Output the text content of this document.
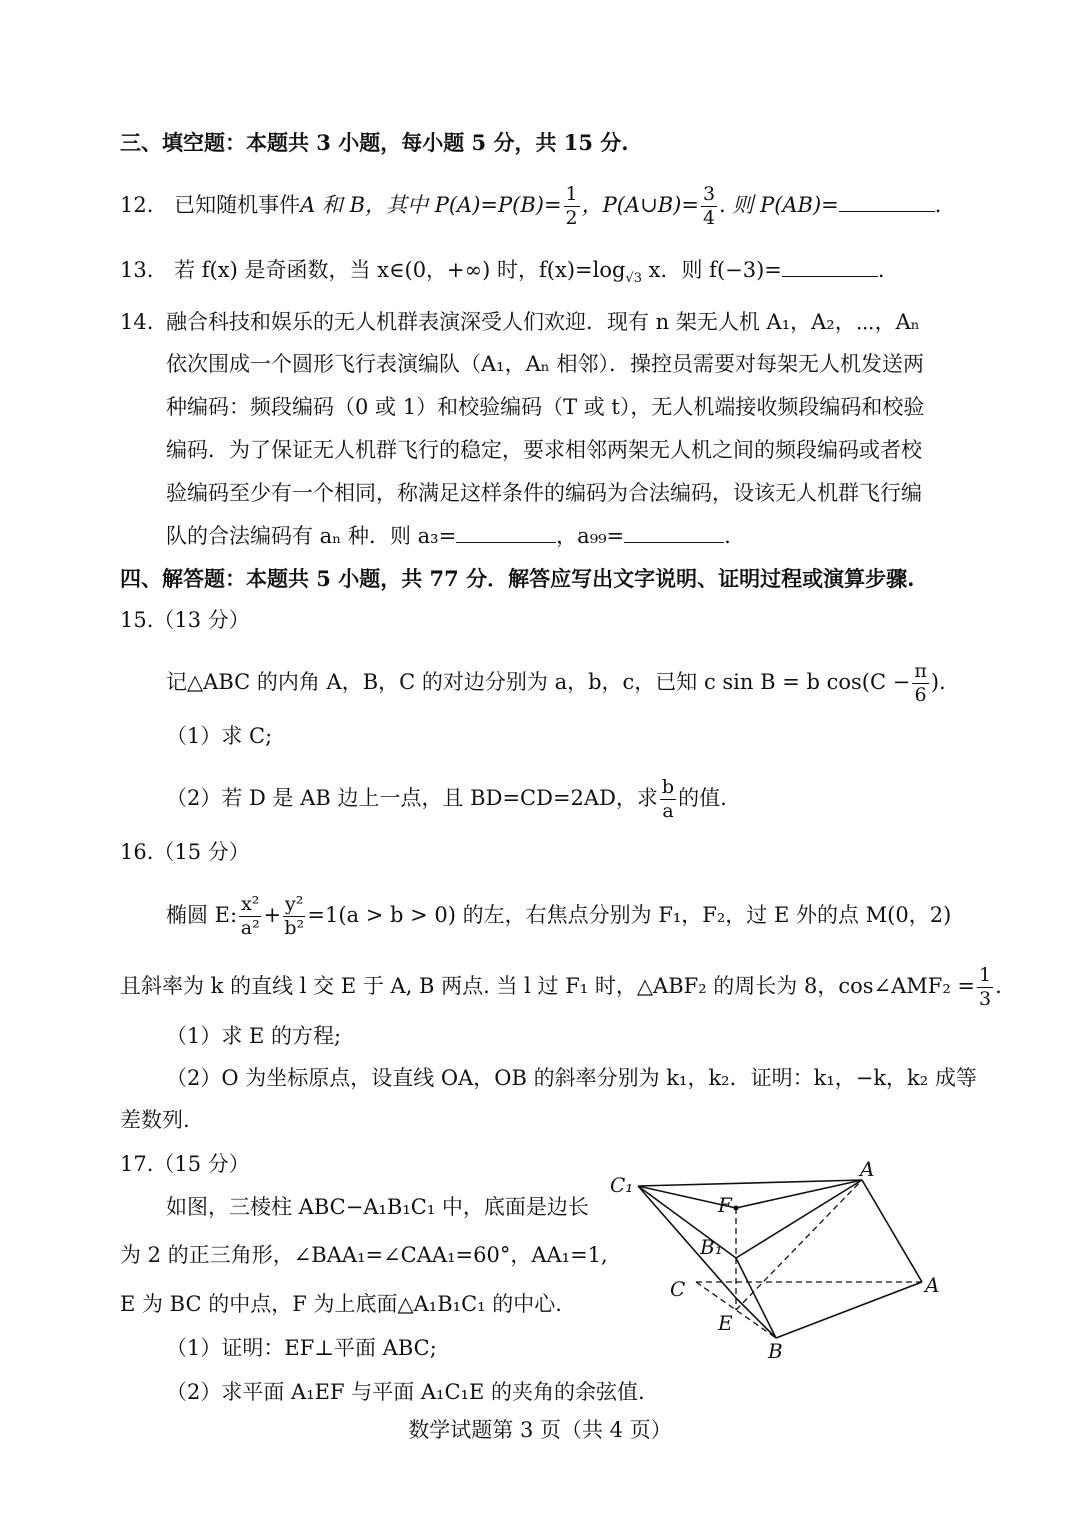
三、填空题：本题共 3 小题，每小题 5 分，共 15 分.
12. 已知随机事件A 和 B，其中 $P(A)=P(B)= \frac{1}{2}$ ，P(A∪B)= $\frac{3}{4}$ . 则 P(AB)=	.
13. 若 f(x) 是奇函数，当 x∈(0，+∞) 时，$f(x)=\log_{√3}$ x．则 f(−3)=	.
14. 融合科技和娱乐的无人机群表演深受人们欢迎．现有 n 架无人机 A₁，A₂，⋯，Aₙ
依次围成一个圆形飞行表演编队（A₁，Aₙ 相邻）．操控员需要对每架无人机发送两
种编码：频段编码（0 或 1）和校验编码（T 或 t），无人机端接收频段编码和校验
编码．为了保证无人机群飞行的稳定，要求相邻两架无人机之间的频段编码或者校
验编码至少有一个相同，称满足这样条件的编码为合法编码，设该无人机群飞行编
队的合法编码有 aₙ 种．则 a₃=	，a₉₉=	.
四、解答题：本题共 5 小题，共 77 分．解答应写出文字说明、证明过程或演算步骤.
15.（13 分）
记△ABC 的内角 A，B，C 的对边分别为 a，b，c，已知 c sin B = b $\cos(C - \frac{\pi}{6}$ ).
（1）求 C;
（2）若 D 是 AB 边上一点，且 BD=CD=2AD，求 $\frac{b}{a}$ 的值.
16.（15 分）
椭圆 E: $\frac{\text{x²}}{\text{a²}} + \frac{\text{y²}}{\text{b²}} =1(a > b > 0)$ 的左，右焦点分别为 F₁，F₂，过 E 外的点 M(0，2)
且斜率为 k 的直线 l 交 E 于 A, B 两点. 当 l 过 F₁ 时，△ABF₂ 的周长为 8，cos∠AMF₂ = $\frac{1}{3}$ .
（1）求 E 的方程;
（2）O 为坐标原点，设直线 OA，OB 的斜率分别为 k₁，k₂．证明：k₁，−k，k₂ 成等
差数列.
17.（15 分）
如图，三棱柱 ABC−A₁B₁C₁ 中，底面是边长
为 2 的正三角形，∠BAA₁=∠CAA₁=60°，AA₁=1,
E 为 BC 的中点，F 为上底面△A₁B₁C₁ 的中心.
（1）证明：EF⊥平面 ABC;
（2）求平面 A₁EF 与平面 A₁C₁E 的夹角的余弦值.
C₁
A
F
B₁
C	A
E
B
数学试题第 3 页（共 4 页）
